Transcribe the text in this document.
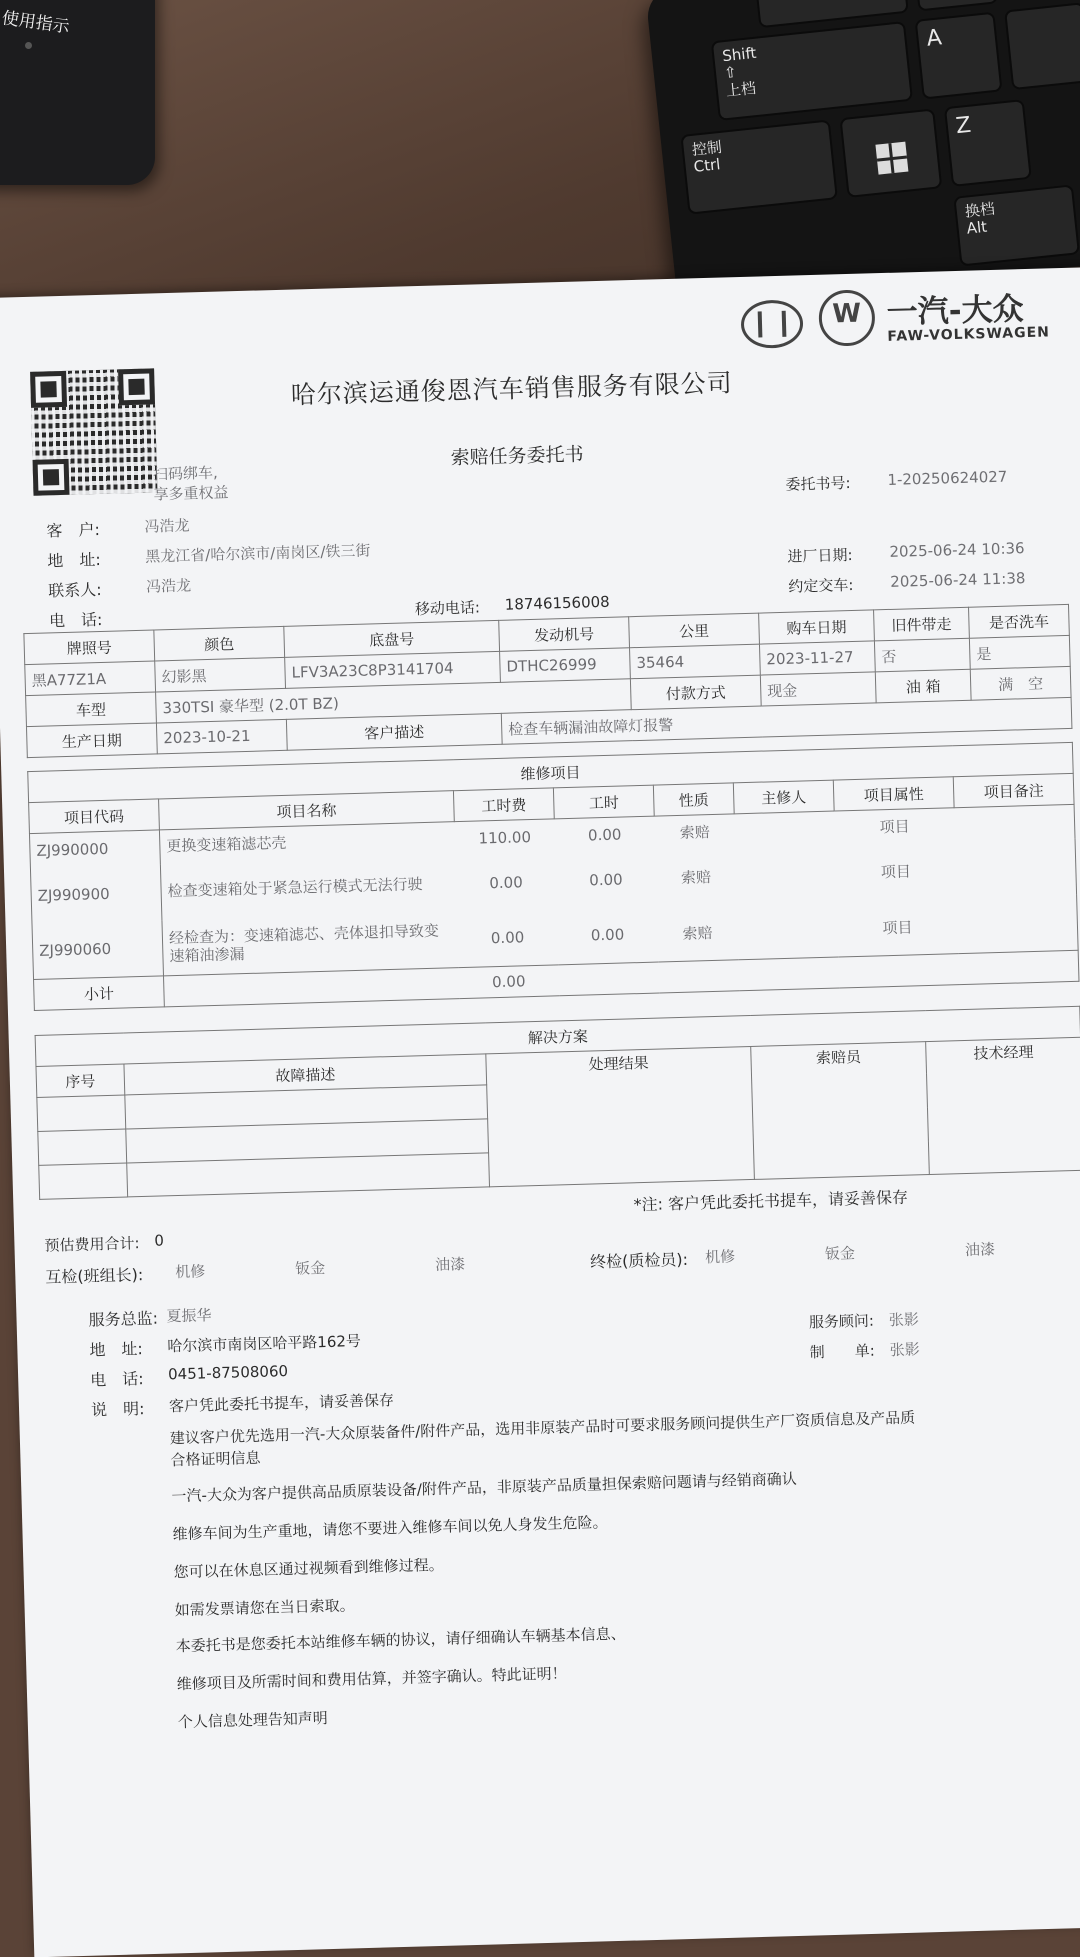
使用指示
Shift
⇧
上档
A
控制
Ctrl
Z
换档
Alt
W 一汽-大众
FAW-VOLKSWAGEN
扫码绑车,
享多重权益
哈尔滨运通俊恩汽车销售服务有限公司
索赔任务委托书
客　户:	冯浩龙
地　址:	黑龙江省/哈尔滨市/南岗区/铁三街
联系人:	冯浩龙
电　话:
移动电话: 18746156008
委托书号: 1-20250624027
进厂日期: 2025-06-24 10:36
约定交车: 2025-06-24 11:38
牌照号	颜色	底盘号	发动机号	公里	购车日期	旧件带走	是否洗车
黑A77Z1A	幻影黑	LFV3A23C8P3141704	DTHC26999	35464	2023-11-27	否	是
车型	330TSI 豪华型 (2.0T BZ)			付款方式	现金	油 箱	满　空
生产日期	2023-10-21	客户描述	检查车辆漏油故障灯报警				
维修项目							
项目代码	项目名称	工时费	工时	性质	主修人	项目属性	项目备注
ZJ990000	更换变速箱滤芯壳	110.00	0.00	索赔		项目	
ZJ990900	检查变速箱处于紧急运行模式无法行驶	0.00	0.00	索赔		项目	
ZJ990060	经检查为：变速箱滤芯、壳体退扣导致变速箱油渗漏	0.00	0.00	索赔		项目	
小计		0.00					
解决方案				
序号	故障描述	处理结果	索赔员	技术经理

*注: 客户凭此委托书提车，请妥善保存
预估费用合计: 0
互检(班组长): 机修	钣金	油漆	终检(质检员): 机修	钣金	油漆
服务总监: 夏振华	服务顾问: 张影
地　址: 哈尔滨市南岗区哈平路162号	制　　单: 张影
电　话: 0451-87508060
说　明: 客户凭此委托书提车，请妥善保存
建议客户优先选用一汽-大众原装备件/附件产品，选用非原装产品时可要求服务顾问提供生产厂资质信息及产品质
合格证明信息
一汽-大众为客户提供高品质原装设备/附件产品，非原装产品质量担保索赔问题请与经销商确认
维修车间为生产重地，请您不要进入维修车间以免人身发生危险。
您可以在休息区通过视频看到维修过程。
如需发票请您在当日索取。
本委托书是您委托本站维修车辆的协议，请仔细确认车辆基本信息、
维修项目及所需时间和费用估算，并签字确认。特此证明！
个人信息处理告知声明
